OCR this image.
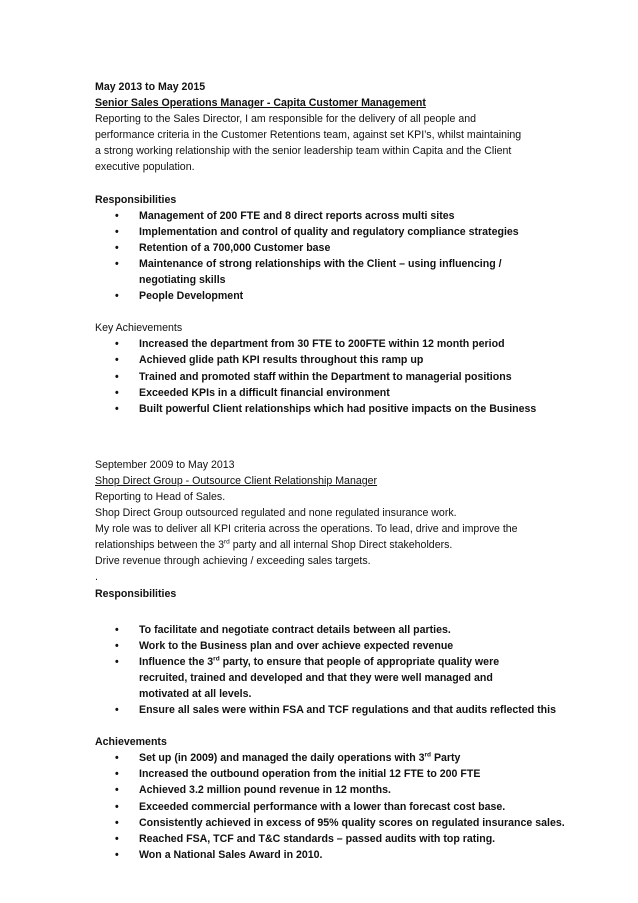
May 2013 to May 2015

Senior Sales Operations Manager - Capita Customer Management

Reporting to the Sales Director, I am responsible for the delivery of all people and

performance criteria in the Customer Retentions team, against set KPI’s, whilst maintaining

a strong working relationship with the senior leadership team within Capita and the Client

executive population.

Responsibilities

• Management of 200 FTE and 8 direct reports across multi sites
• Implementation and control of quality and regulatory compliance strategies
• Retention of a 700,000 Customer base
• Maintenance of strong relationships with the Client – using influencing / negotiating skills
• People Development

Key Achievements

• Increased the department from 30 FTE to 200FTE within 12 month period
• Achieved glide path KPI results throughout this ramp up
• Trained and promoted staff within the Department to managerial positions
• Exceeded KPIs in a difficult financial environment
• Built powerful Client relationships which had positive impacts on the Business

September 2009 to May 2013

Shop Direct Group - Outsource Client Relationship Manager

Reporting to Head of Sales.

Shop Direct Group outsourced regulated and none regulated insurance work.

My role was to deliver all KPI criteria across the operations. To lead, drive and improve the

relationships between the 3rd party and all internal Shop Direct stakeholders.

Drive revenue through achieving / exceeding sales targets.

.

Responsibilities

• To facilitate and negotiate contract details between all parties.
• Work to the Business plan and over achieve expected revenue
• Influence the 3rd party, to ensure that people of appropriate quality were recruited, trained and developed and that they were well managed and motivated at all levels.
• Ensure all sales were within FSA and TCF regulations and that audits reflected this

Achievements

• Set up (in 2009) and managed the daily operations with 3rd Party
• Increased the outbound operation from the initial 12 FTE to 200 FTE
• Achieved 3.2 million pound revenue in 12 months.
• Exceeded commercial performance with a lower than forecast cost base.
• Consistently achieved in excess of 95% quality scores on regulated insurance sales.
• Reached FSA, TCF and T&C standards – passed audits with top rating.
• Won a National Sales Award in 2010.
